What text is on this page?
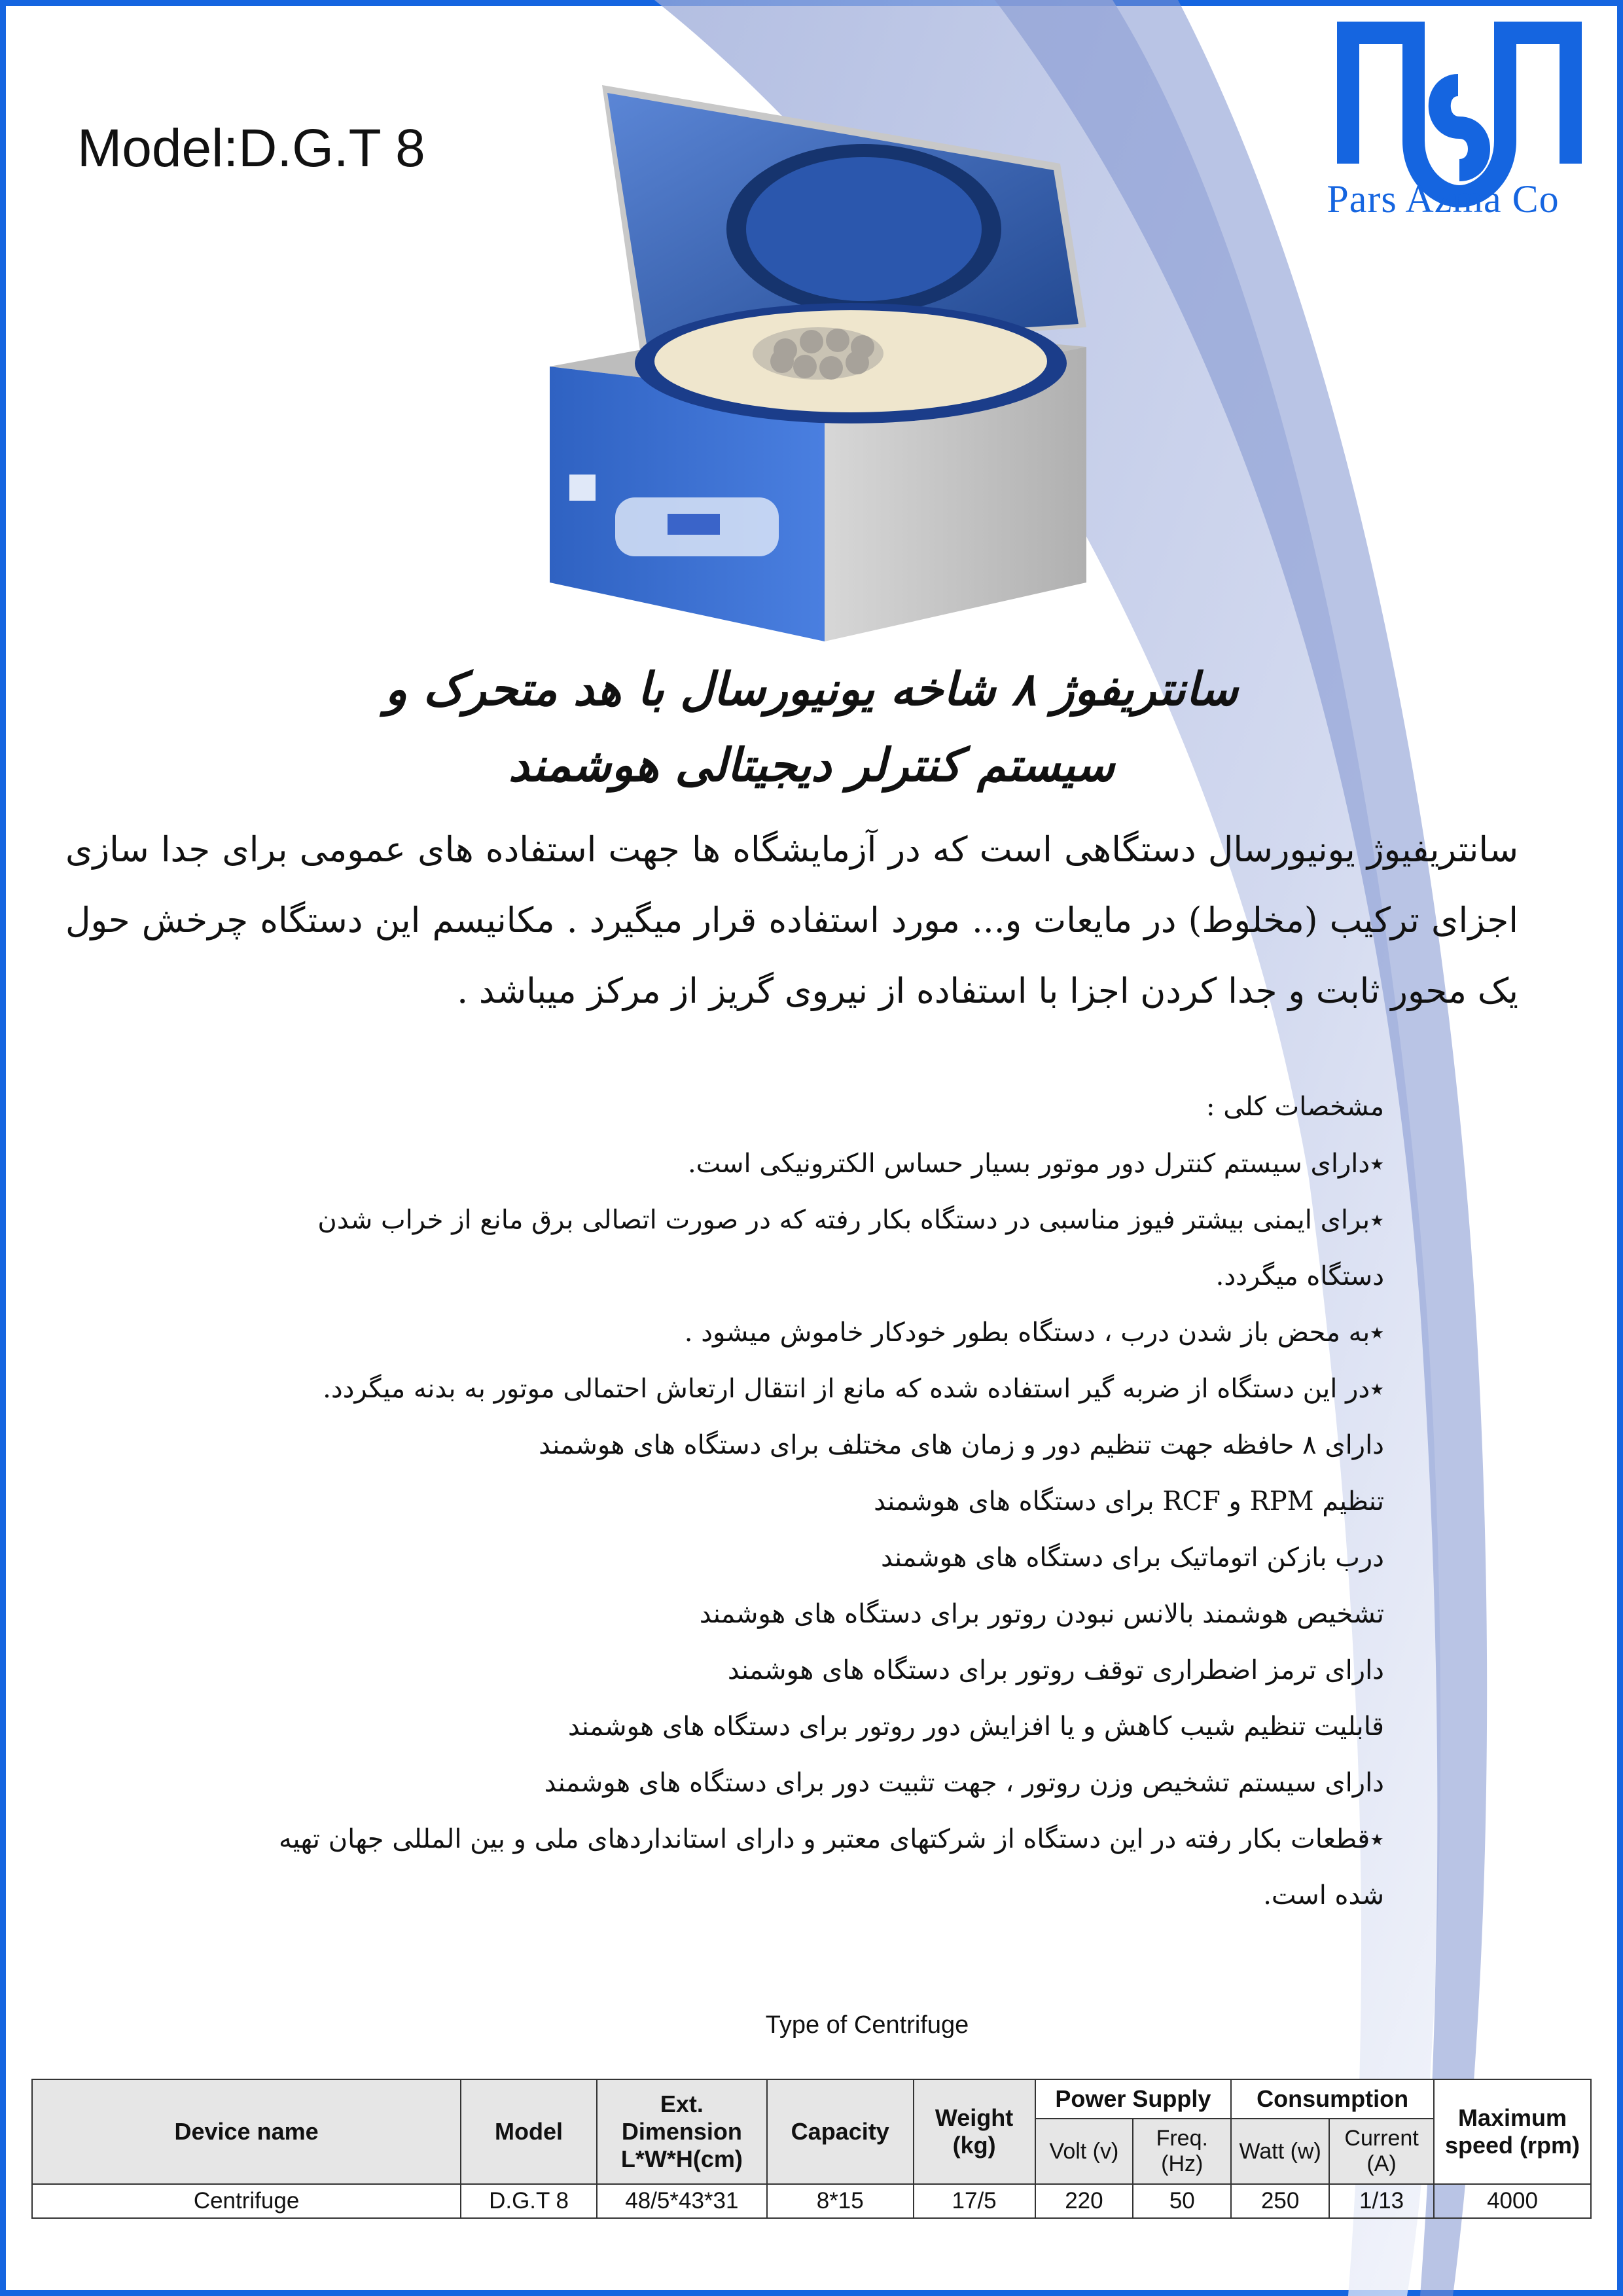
Model:D.G.T 8
Pars Azma Co
سانتریفوژ ۸ شاخه یونیورسال با هد متحرک و
سیستم کنترلر دیجیتالی هوشمند
سانتریفیوژ یونیورسال دستگاهی است که در آزمایشگاه ها جهت استفاده های عمومی برای جدا سازی اجزای ترکیب (مخلوط) در مایعات و... مورد استفاده قرار میگیرد . مکانیسم این دستگاه چرخش حول یک محور ثابت و جدا کردن اجزا با استفاده از نیروی گریز از مرکز میباشد .
مشخصات کلی :

٭دارای سیستم کنترل دور موتور بسیار حساس الکترونیکی است.

٭برای ایمنی بیشتر فیوز مناسبی در دستگاه بکار رفته که در صورت اتصالی برق مانع از خراب شدن دستگاه میگردد.

٭به محض باز شدن درب ، دستگاه بطور خودکار خاموش میشود .

٭در این دستگاه از ضربه گیر استفاده شده که مانع از انتقال ارتعاش احتمالی موتور به بدنه میگردد.

دارای ۸ حافظه جهت تنظیم دور و زمان های مختلف برای دستگاه های هوشمند

تنظیم RPM و RCF برای دستگاه های هوشمند

درب بازکن اتوماتیک برای دستگاه های هوشمند

تشخیص هوشمند بالانس نبودن روتور برای دستگاه های هوشمند

دارای ترمز اضطراری توقف روتور برای دستگاه های هوشمند

قابلیت تنظیم شیب کاهش و یا افزایش دور روتور برای دستگاه های هوشمند

دارای سیستم تشخیص وزن روتور ، جهت تثبیت دور برای دستگاه های هوشمند

٭قطعات بکار رفته در این دستگاه از شرکتهای معتبر و دارای استانداردهای ملی و بین المللی جهان تهیه شده است.

Type of Centrifuge
Device name	Model	Ext. Dimension L*W*H(cm)	Capacity	Weight (kg)	Power Supply		Consumption		Maximum speed (rpm)
					Volt (v)	Freq. (Hz)	Watt (w)	Current (A)	
Centrifuge	D.G.T 8	48/5*43*31	8*15	17/5	220	50	250	1/13	4000
